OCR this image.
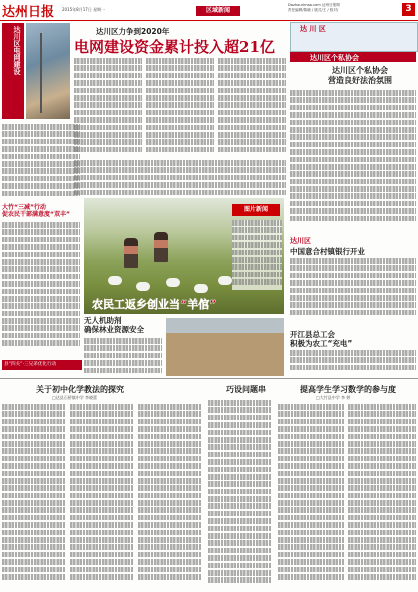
达州日报 2015年8月17日 星期一	区域新闻
Dazhourimao.com 达州日报网
责任编辑/陈晓 / 版式/王 / 校对/	3
达川区电网建设	达川区力争到2020年
电网建设资金累计投入超21亿
达 川 区
达川区个私协会
达川区个私协会
营造良好法治氛围
大竹“三减”行动
促农民干部满意度“双丰”
图片新闻
农民工返乡创业当“羊倌”
达川区
中国意合村镇银行开业
开江县总工会
积极为农工“充电”
无人机助剂
确保林业资源安全
县“四关”·三兄弟优化行动
关于初中化学教法的探究
□达县石桥镇中学 李晓蕾
巧设问题串	提高学生学习数学的参与度
□大竹县中学 李 婷
